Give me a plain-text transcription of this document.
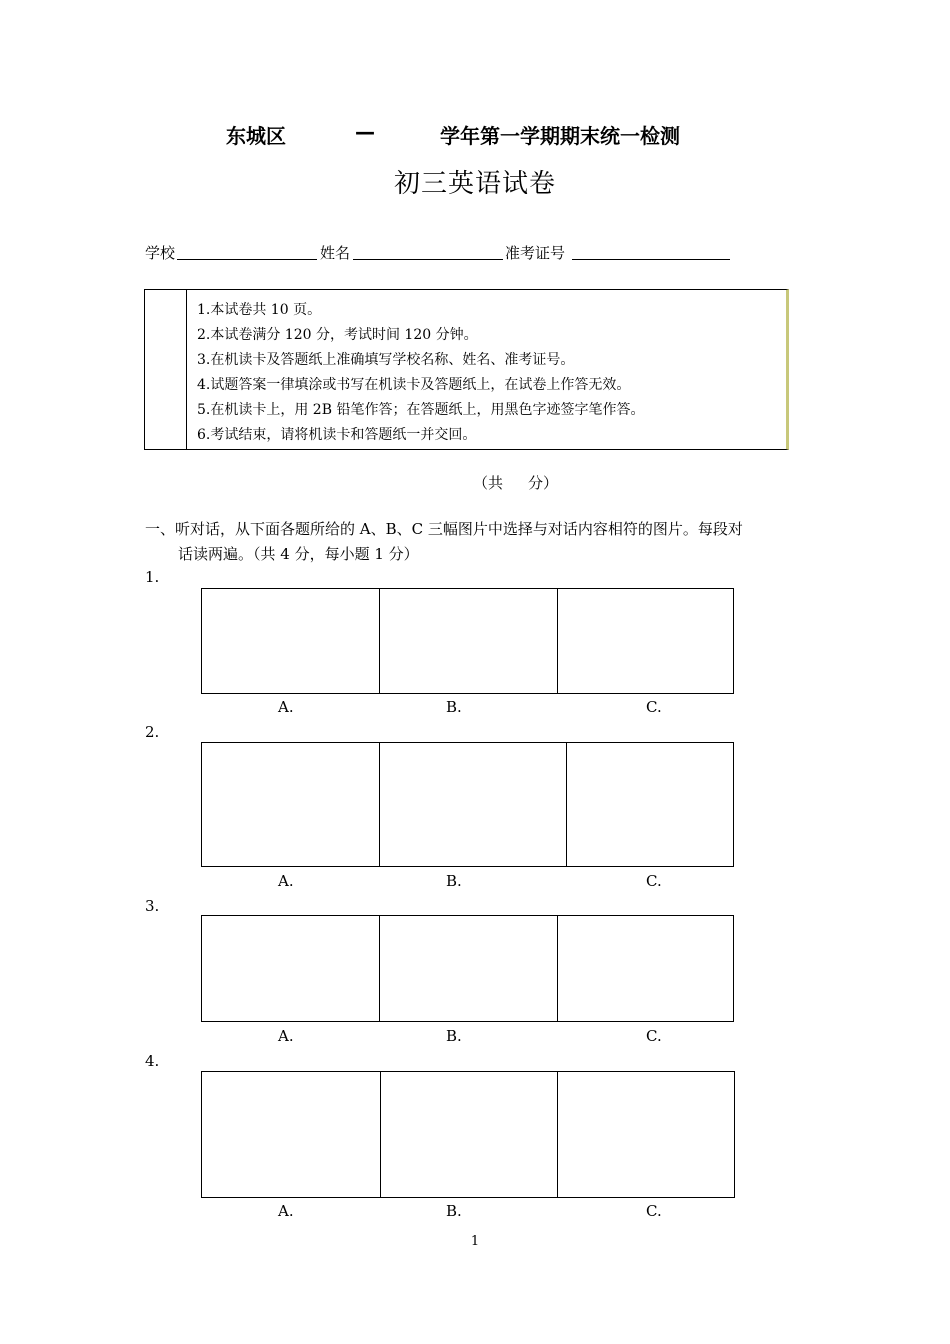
东城区	—	学年第一学期期末统一检测
初三英语试卷
学校	姓名	准考证号
1.本试卷共 10 页。
2.本试卷满分 120 分，考试时间 120 分钟。
3.在机读卡及答题纸上准确填写学校名称、姓名、准考证号。
4.试题答案一律填涂或书写在机读卡及答题纸上，在试卷上作答无效。
5.在机读卡上，用 2B 铅笔作答；在答题纸上，用黑色字迹签字笔作答。
6.考试结束，请将机读卡和答题纸一并交回。
（共 分）
一、听对话，从下面各题所给的 A、B、C 三幅图片中选择与对话内容相符的图片。每段对
话读两遍。（共 4 分，每小题 1 分）
1.
A.	B.	C.
2.
A.	B.	C.
3.
A.	B.	C.
4.
A.	B.	C.
1
